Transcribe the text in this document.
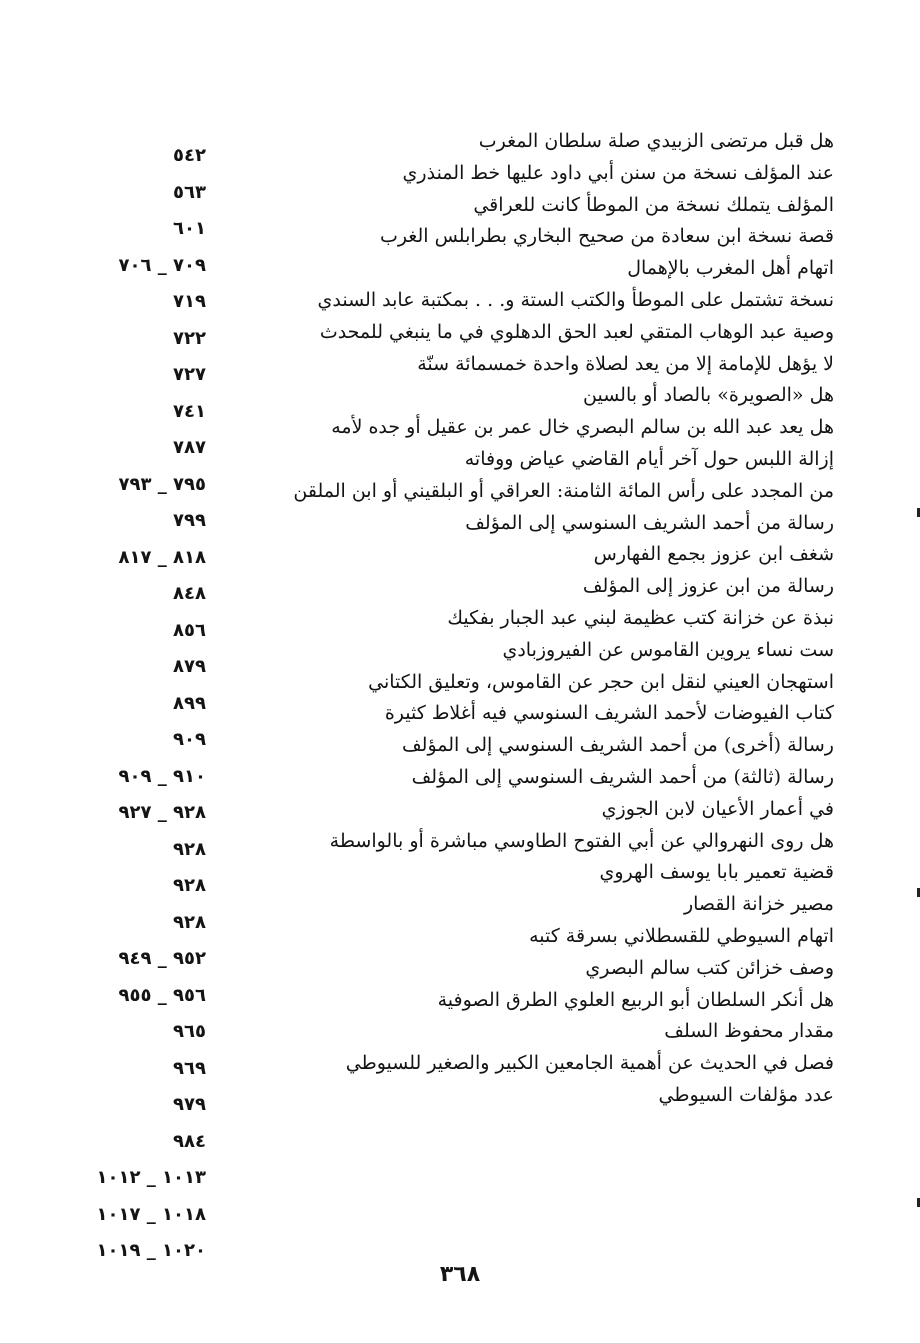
هل قبل مرتضى الزبيدي صلة سلطان المغرب
عند المؤلف نسخة من سنن أبي داود عليها خط المنذري
المؤلف يتملك نسخة من الموطأ كانت للعراقي
قصة نسخة ابن سعادة من صحيح البخاري بطرابلس الغرب
اتهام أهل المغرب بالإهمال
نسخة تشتمل على الموطأ والكتب الستة و. . . بمكتبة عابد السندي
وصية عبد الوهاب المتقي لعبد الحق الدهلوي في ما ينبغي للمحدث
لا يؤهل للإمامة إلا من يعد لصلاة واحدة خمسمائة سنّة
هل «الصويرة» بالصاد أو بالسين
هل يعد عبد الله بن سالم البصري خال عمر بن عقيل أو جده لأمه
إزالة اللبس حول آخر أيام القاضي عياض ووفاته
من المجدد على رأس المائة الثامنة: العراقي أو البلقيني أو ابن الملقن
رسالة من أحمد الشريف السنوسي إلى المؤلف
شغف ابن عزوز بجمع الفهارس
رسالة من ابن عزوز إلى المؤلف
نبذة عن خزانة كتب عظيمة لبني عبد الجبار بفكيك
ست نساء يروين القاموس عن الفيروزبادي
استهجان العيني لنقل ابن حجر عن القاموس، وتعليق الكتاني
كتاب الفيوضات لأحمد الشريف السنوسي فيه أغلاط كثيرة
رسالة (أخرى) من أحمد الشريف السنوسي إلى المؤلف
رسالة (ثالثة) من أحمد الشريف السنوسي إلى المؤلف
في أعمار الأعيان لابن الجوزي
هل روى النهروالي عن أبي الفتوح الطاوسي مباشرة أو بالواسطة
قضية تعمير بابا يوسف الهروي
مصير خزانة القصار
اتهام السيوطي للقسطلاني بسرقة كتبه
وصف خزائن كتب سالم البصري
هل أنكر السلطان أبو الربيع العلوي الطرق الصوفية
مقدار محفوظ السلف
فصل في الحديث عن أهمية الجامعين الكبير والصغير للسيوطي
عدد مؤلفات السيوطي
٥٤٢
٥٦٣
٦٠١
٧٠٩ _ ٧٠٦
٧١٩
٧٢٢
٧٢٧
٧٤١
٧٨٧
٧٩٥ _ ٧٩٣
٧٩٩
٨١٨ _ ٨١٧
٨٤٨
٨٥٦
٨٧٩
٨٩٩
٩٠٩
٩١٠ _ ٩٠٩
٩٢٨ _ ٩٢٧
٩٢٨
٩٢٨
٩٢٨
٩٥٢ _ ٩٤٩
٩٥٦ _ ٩٥٥
٩٦٥
٩٦٩
٩٧٩
٩٨٤
١٠١٣ _ ١٠١٢
١٠١٨ _ ١٠١٧
١٠٢٠ _ ١٠١٩
٣٦٨
